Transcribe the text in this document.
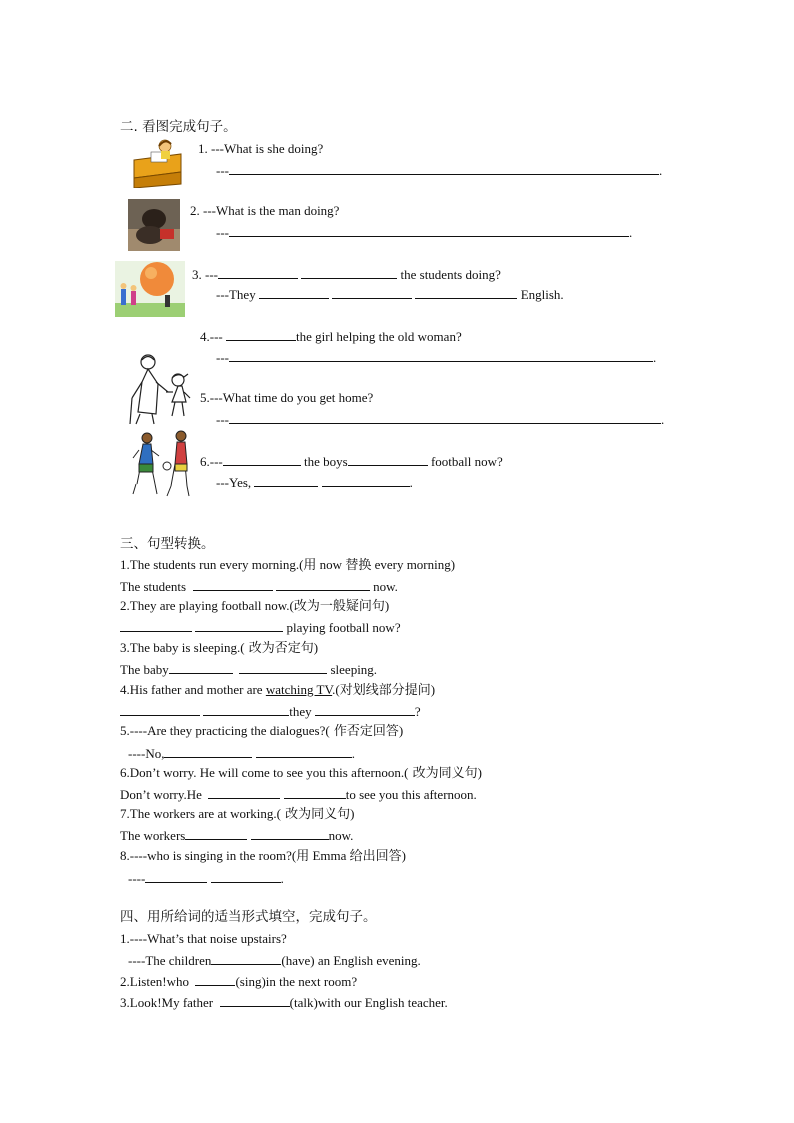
二. 看图完成句子。
1. ---What is she doing?
---	.
2. ---What is the man doing?
---	.
3. ---	the students doing?
---They	English.
4.---	the girl helping the old woman?
---	.
5.---What time do you get home?
---	.
6.---	the boys	football now?
---Yes,	.
三、句型转换。
1.The students run every morning.(用 now 替换 every morning)
The students	now.
2.They are playing football now.(改为一般疑问句)
playing football now?
3.The baby is sleeping.( 改为否定句)
The baby	sleeping.
4.His father and mother are watching TV.(对划线部分提问)
they	?
5.----Are they practicing the dialogues?( 作否定回答)
----No,	.
6.Don’t worry. He will come to see you this afternoon.( 改为同义句)
Don’t worry.He	to see you this afternoon.
7.The workers are at working.( 改为同义句)
The workers	now.
8.----who is singing in the room?(用 Emma 给出回答)
----	.
四、用所给词的适当形式填空，完成句子。
1.----What’s that noise upstairs?
----The children	(have) an English evening.
2.Listen!who	(sing)in the next room?
3.Look!My father	(talk)with our English teacher.
